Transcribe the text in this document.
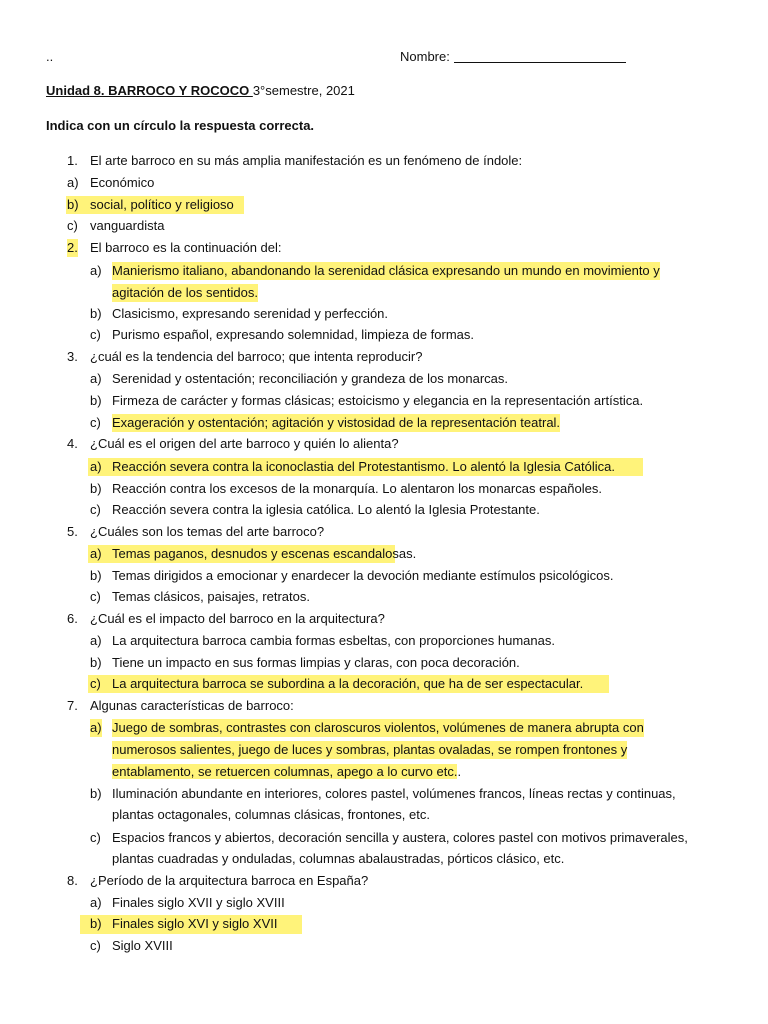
..	Nombre:
Unidad 8. BARROCO Y ROCOCO 3°semestre, 2021
Indica con un círculo la respuesta correcta.
1. El arte barroco en su más amplia manifestación es un fenómeno de índole:
a) Económico
b) social, político y religioso
c) vanguardista
2. El barroco es la continuación del:
a) Manierismo italiano, abandonando la serenidad clásica expresando un mundo en movimiento y
agitación de los sentidos.
b) Clasicismo, expresando serenidad y perfección.
c) Purismo español, expresando solemnidad, limpieza de formas.
3. ¿cuál es la tendencia del barroco; que intenta reproducir?
a) Serenidad y ostentación; reconciliación y grandeza de los monarcas.
b) Firmeza de carácter y formas clásicas; estoicismo y elegancia en la representación artística.
c) Exageración y ostentación; agitación y vistosidad de la representación teatral.
4. ¿Cuál es el origen del arte barroco y quién lo alienta?
a) Reacción severa contra la iconoclastia del Protestantismo. Lo alentó la Iglesia Católica.
b) Reacción contra los excesos de la monarquía. Lo alentaron los monarcas españoles.
c) Reacción severa contra la iglesia católica. Lo alentó la Iglesia Protestante.
5. ¿Cuáles son los temas del arte barroco?
a) Temas paganos, desnudos y escenas escandalosas.
b) Temas dirigidos a emocionar y enardecer la devoción mediante estímulos psicológicos.
c) Temas clásicos, paisajes, retratos.
6. ¿Cuál es el impacto del barroco en la arquitectura?
a) La arquitectura barroca cambia formas esbeltas, con proporciones humanas.
b) Tiene un impacto en sus formas limpias y claras, con poca decoración.
c) La arquitectura barroca se subordina a la decoración, que ha de ser espectacular.
7. Algunas características de barroco:
a) Juego de sombras, contrastes con claroscuros violentos, volúmenes de manera abrupta con
numerosos salientes, juego de luces y sombras, plantas ovaladas, se rompen frontones y
entablamento, se retuercen columnas, apego a lo curvo etc..
b) Iluminación abundante en interiores, colores pastel, volúmenes francos, líneas rectas y continuas,
plantas octagonales, columnas clásicas, frontones, etc.
c) Espacios francos y abiertos, decoración sencilla y austera, colores pastel con motivos primaverales,
plantas cuadradas y onduladas, columnas abalaustradas, pórticos clásico, etc.
8. ¿Período de la arquitectura barroca en España?
a) Finales siglo XVII y siglo XVIII
b) Finales siglo XVI y siglo XVII
c) Siglo XVIII
